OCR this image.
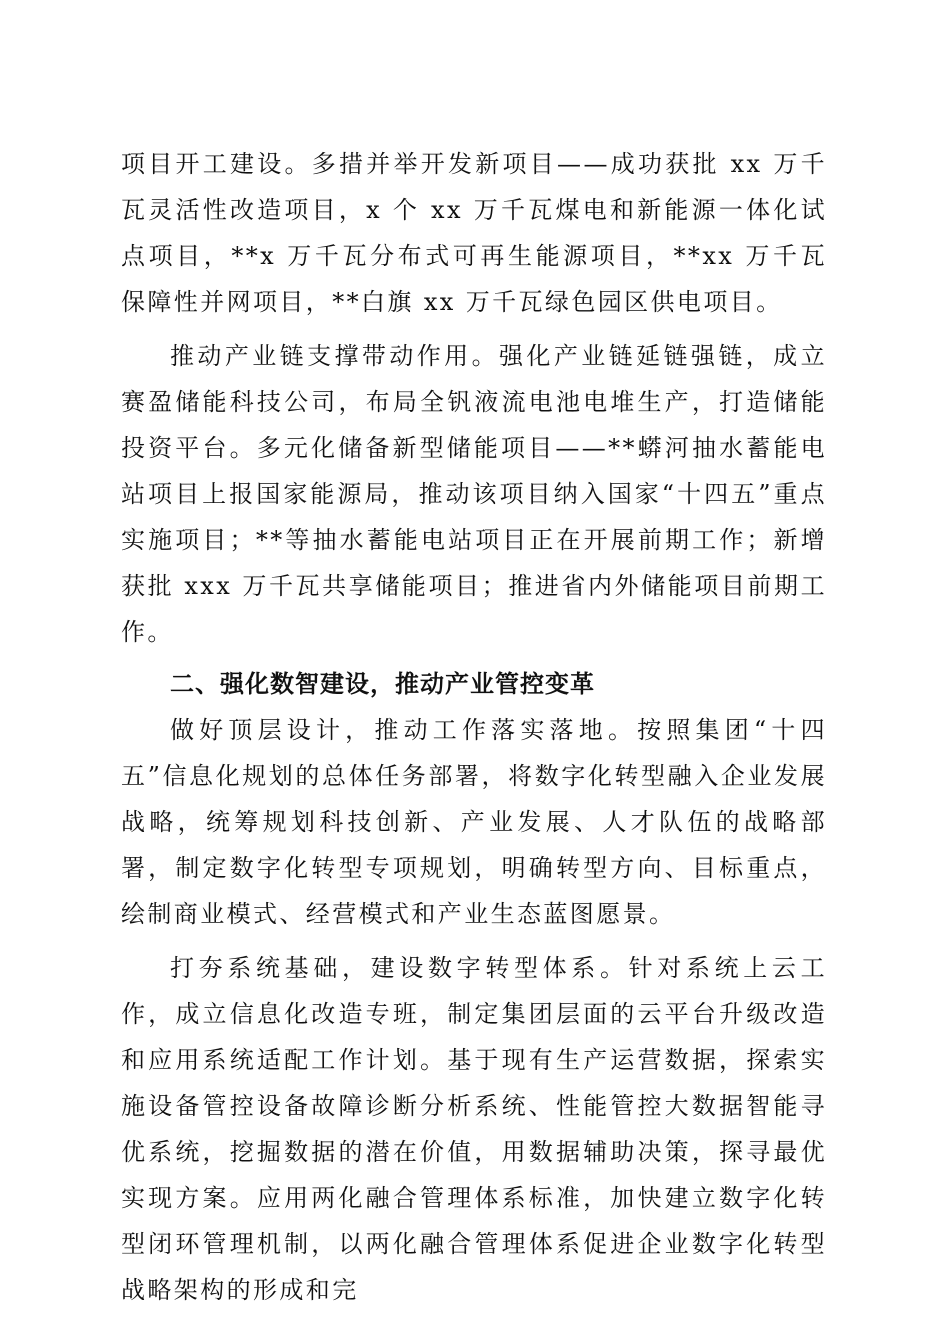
项目开工建设。多措并举开发新项目——成功获批 xx 万千瓦灵活性改造项目，x 个 xx 万千瓦煤电和新能源一体化试点项目，**x 万千瓦分布式可再生能源项目，**xx 万千瓦保障性并网项目，**白旗 xx 万千瓦绿色园区供电项目。

推动产业链支撑带动作用。强化产业链延链强链，成立赛盈储能科技公司，布局全钒液流电池电堆生产，打造储能投资平台。多元化储备新型储能项目——**蟒河抽水蓄能电站项目上报国家能源局，推动该项目纳入国家“十四五”重点实施项目；**等抽水蓄能电站项目正在开展前期工作；新增获批 xxx 万千瓦共享储能项目；推进省内外储能项目前期工作。

二、强化数智建设，推动产业管控变革

做好顶层设计，推动工作落实落地。按照集团“十四五”信息化规划的总体任务部署，将数字化转型融入企业发展战略，统筹规划科技创新、产业发展、人才队伍的战略部署，制定数字化转型专项规划，明确转型方向、目标重点，绘制商业模式、经营模式和产业生态蓝图愿景。

打夯系统基础，建设数字转型体系。针对系统上云工作，成立信息化改造专班，制定集团层面的云平台升级改造和应用系统适配工作计划。基于现有生产运营数据，探索实施设备管控设备故障诊断分析系统、性能管控大数据智能寻优系统，挖掘数据的潜在价值，用数据辅助决策，探寻最优实现方案。应用两化融合管理体系标准，加快建立数字化转型闭环管理机制，以两化融合管理体系促进企业数字化转型战略架构的形成和完
